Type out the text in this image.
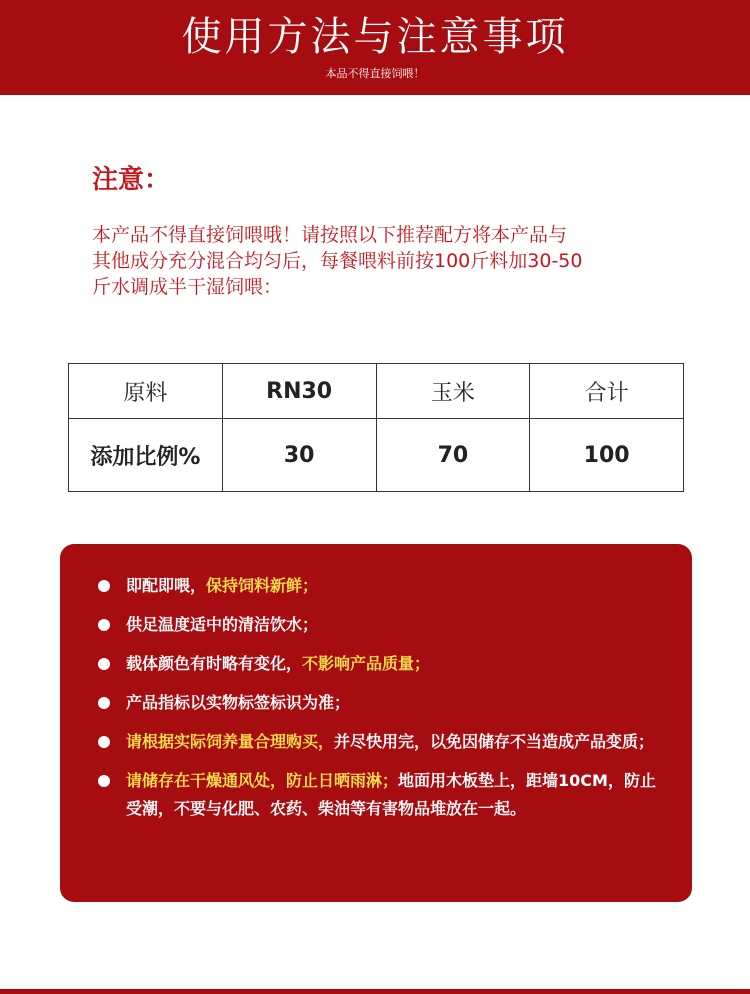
使用方法与注意事项
本品不得直接饲喂！
注意：
本产品不得直接饲喂哦！请按照以下推荐配方将本产品与
其他成分充分混合均匀后，每餐喂料前按100斤料加30-50
斤水调成半干湿饲喂：
原料	RN30	玉米	合计
添加比例%	30	70	100
即配即喂，保持饲料新鲜；
供足温度适中的清洁饮水；
载体颜色有时略有变化，不影响产品质量；
产品指标以实物标签标识为准；
请根据实际饲养量合理购买，并尽快用完，以免因储存不当造成产品变质；
请储存在干燥通风处，防止日晒雨淋；地面用木板垫上，距墙10CM，防止受潮，不要与化肥、农药、柴油等有害物品堆放在一起。
